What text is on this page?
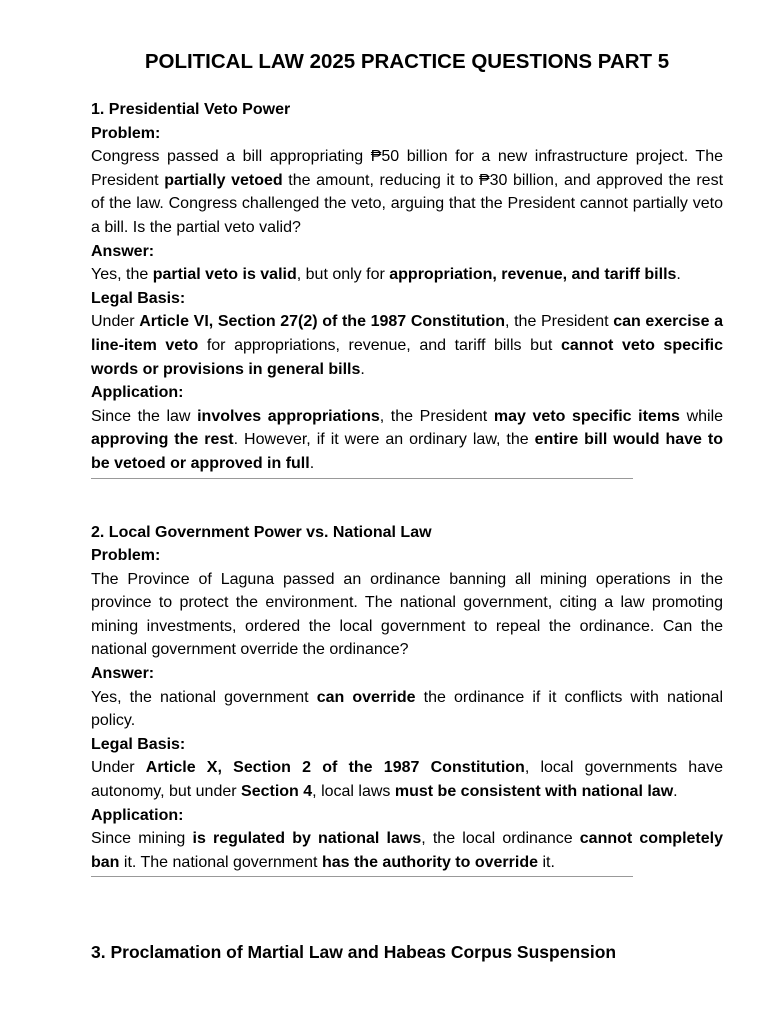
POLITICAL LAW 2025 PRACTICE QUESTIONS PART 5
1. Presidential Veto Power
Problem:
Congress passed a bill appropriating ₱50 billion for a new infrastructure project. The President partially vetoed the amount, reducing it to ₱30 billion, and approved the rest of the law. Congress challenged the veto, arguing that the President cannot partially veto a bill. Is the partial veto valid?
Answer:
Yes, the partial veto is valid, but only for appropriation, revenue, and tariff bills.
Legal Basis:
Under Article VI, Section 27(2) of the 1987 Constitution, the President can exercise a line-item veto for appropriations, revenue, and tariff bills but cannot veto specific words or provisions in general bills.
Application:
Since the law involves appropriations, the President may veto specific items while approving the rest. However, if it were an ordinary law, the entire bill would have to be vetoed or approved in full.
2. Local Government Power vs. National Law
Problem:
The Province of Laguna passed an ordinance banning all mining operations in the province to protect the environment. The national government, citing a law promoting mining investments, ordered the local government to repeal the ordinance. Can the national government override the ordinance?
Answer:
Yes, the national government can override the ordinance if it conflicts with national policy.
Legal Basis:
Under Article X, Section 2 of the 1987 Constitution, local governments have autonomy, but under Section 4, local laws must be consistent with national law.
Application:
Since mining is regulated by national laws, the local ordinance cannot completely ban it. The national government has the authority to override it.
3. Proclamation of Martial Law and Habeas Corpus Suspension
